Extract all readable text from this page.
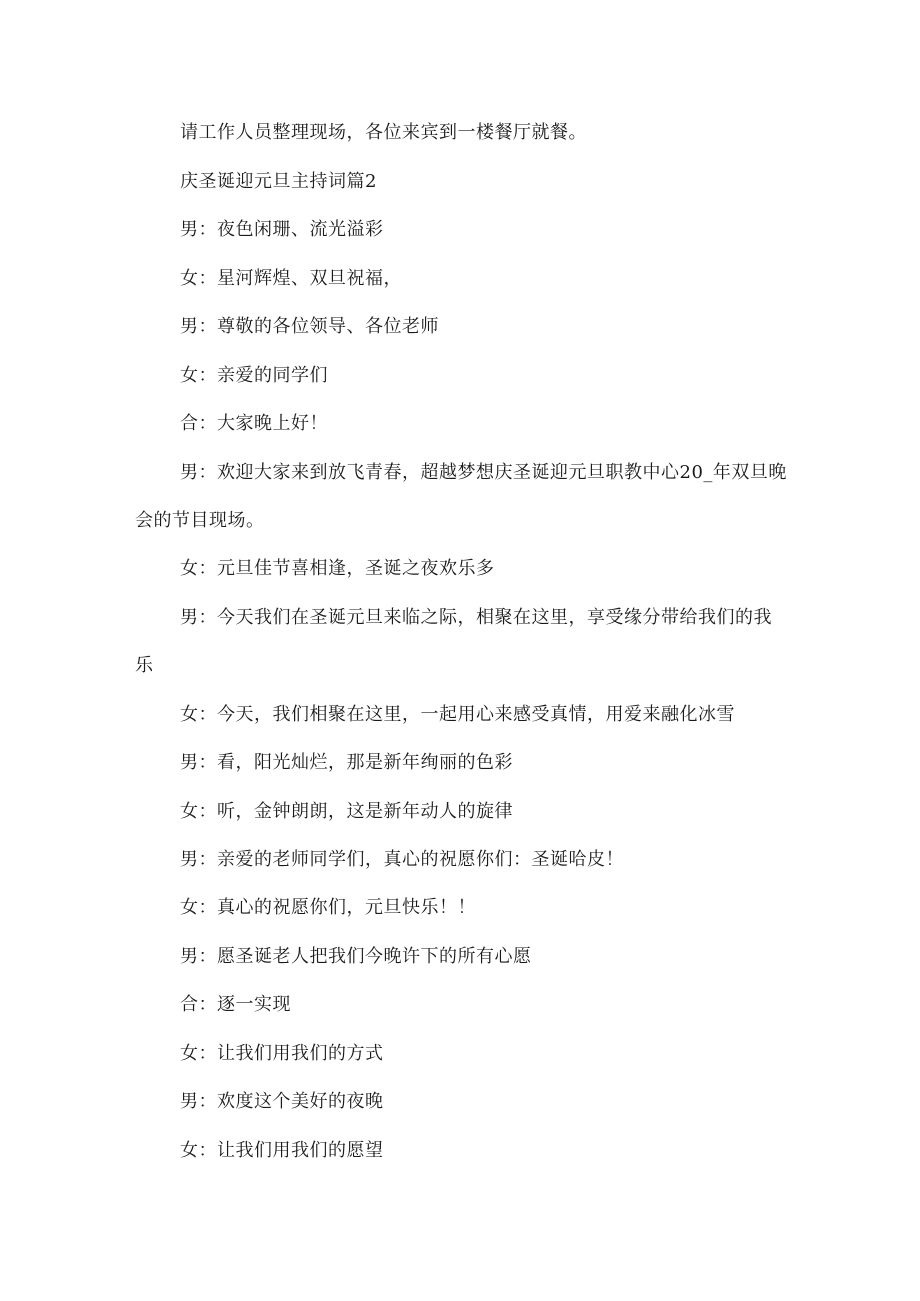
请工作人员整理现场，各位来宾到一楼餐厅就餐。
庆圣诞迎元旦主持词篇2
男：夜色闲珊、流光溢彩
女：星河辉煌、双旦祝福，
男：尊敬的各位领导、各位老师
女：亲爱的同学们
合：大家晚上好！
男：欢迎大家来到放飞青春，超越梦想庆圣诞迎元旦职教中心20_年双旦晚
会的节目现场。
女：元旦佳节喜相逢，圣诞之夜欢乐多
男：今天我们在圣诞元旦来临之际，相聚在这里，享受缘分带给我们的我
乐
女：今天，我们相聚在这里，一起用心来感受真情，用爱来融化冰雪
男：看，阳光灿烂，那是新年绚丽的色彩
女：听，金钟朗朗，这是新年动人的旋律
男：亲爱的老师同学们，真心的祝愿你们：圣诞哈皮！
女：真心的祝愿你们，元旦快乐！！
男：愿圣诞老人把我们今晚许下的所有心愿
合：逐一实现
女：让我们用我们的方式
男：欢度这个美好的夜晚
女：让我们用我们的愿望
